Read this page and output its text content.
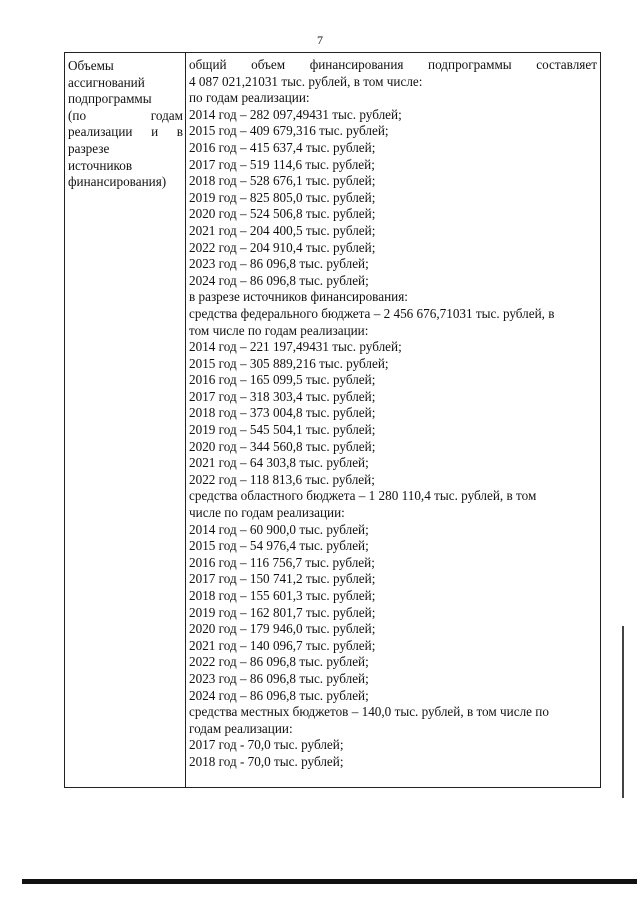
7
Объемы
ассигнований
подпрограммы
(по	годам
реализации и в
разрезе
источников
финансирования)
общий объем финансирования подпрограммы составляет
4 087 021,21031 тыс. рублей, в том числе:
по годам реализации:
2014 год – 282 097,49431 тыс. рублей;
2015 год – 409 679,316 тыс. рублей;
2016 год – 415 637,4 тыс. рублей;
2017 год – 519 114,6 тыс. рублей;
2018 год – 528 676,1 тыс. рублей;
2019 год – 825 805,0 тыс. рублей;
2020 год – 524 506,8 тыс. рублей;
2021 год – 204 400,5 тыс. рублей;
2022 год – 204 910,4 тыс. рублей;
2023 год – 86 096,8 тыс. рублей;
2024 год – 86 096,8 тыс. рублей;
в разрезе источников финансирования:
средства федерального бюджета – 2 456 676,71031 тыс. рублей, в
том числе по годам реализации:
2014 год – 221 197,49431 тыс. рублей;
2015 год – 305 889,216 тыс. рублей;
2016 год – 165 099,5 тыс. рублей;
2017 год – 318 303,4 тыс. рублей;
2018 год – 373 004,8 тыс. рублей;
2019 год – 545 504,1 тыс. рублей;
2020 год – 344 560,8 тыс. рублей;
2021 год – 64 303,8 тыс. рублей;
2022 год – 118 813,6 тыс. рублей;
средства областного бюджета – 1 280 110,4 тыс. рублей, в том
числе по годам реализации:
2014 год – 60 900,0 тыс. рублей;
2015 год – 54 976,4 тыс. рублей;
2016 год – 116 756,7 тыс. рублей;
2017 год – 150 741,2 тыс. рублей;
2018 год – 155 601,3 тыс. рублей;
2019 год – 162 801,7 тыс. рублей;
2020 год – 179 946,0 тыс. рублей;
2021 год – 140 096,7 тыс. рублей;
2022 год – 86 096,8 тыс. рублей;
2023 год – 86 096,8 тыс. рублей;
2024 год – 86 096,8 тыс. рублей;
средства местных бюджетов – 140,0 тыс. рублей, в том числе по
годам реализации:
2017 год - 70,0 тыс. рублей;
2018 год - 70,0 тыс. рублей;
